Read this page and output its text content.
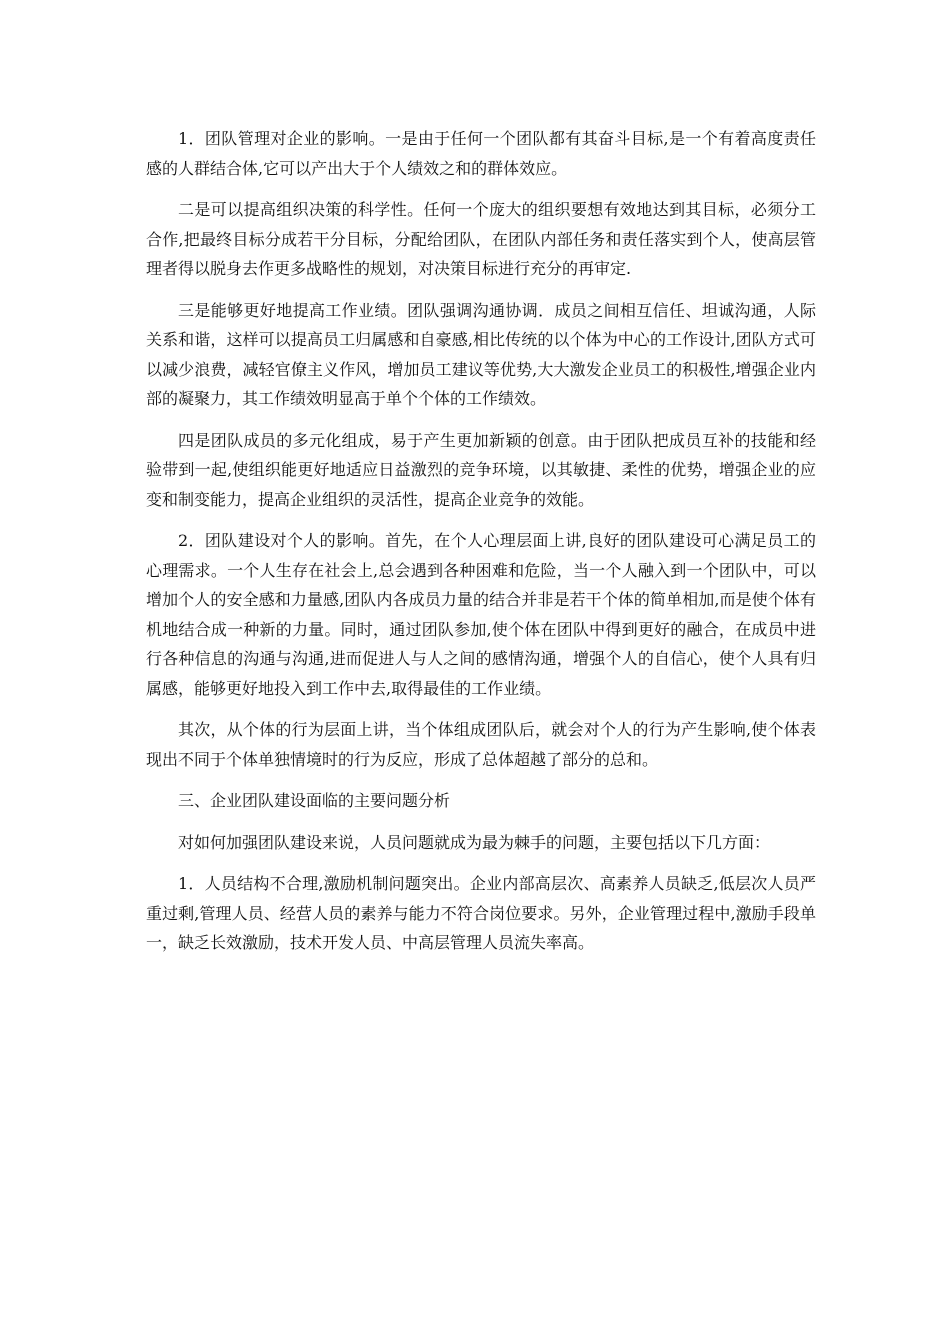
1．团队管理对企业的影响。一是由于任何一个团队都有其奋斗目标,是一个有着高度责任感的人群结合体,它可以产出大于个人绩效之和的群体效应。

二是可以提高组织决策的科学性。任何一个庞大的组织要想有效地达到其目标，必须分工合作,把最终目标分成若干分目标，分配给团队，在团队内部任务和责任落实到个人，使高层管理者得以脱身去作更多战略性的规划，对决策目标进行充分的再审定.

三是能够更好地提高工作业绩。团队强调沟通协调．成员之间相互信任、坦诚沟通，人际关系和谐，这样可以提高员工归属感和自豪感,相比传统的以个体为中心的工作设计,团队方式可以减少浪费，减轻官僚主义作风，增加员工建议等优势,大大激发企业员工的积极性,增强企业内部的凝聚力，其工作绩效明显高于单个个体的工作绩效。

四是团队成员的多元化组成，易于产生更加新颖的创意。由于团队把成员互补的技能和经验带到一起,使组织能更好地适应日益激烈的竞争环境，以其敏捷、柔性的优势，增强企业的应变和制变能力，提高企业组织的灵活性，提高企业竞争的效能。

2．团队建设对个人的影响。首先，在个人心理层面上讲,良好的团队建设可心满足员工的心理需求。一个人生存在社会上,总会遇到各种困难和危险，当一个人融入到一个团队中，可以增加个人的安全感和力量感,团队内各成员力量的结合并非是若干个体的简单相加,而是使个体有机地结合成一种新的力量。同时，通过团队参加,使个体在团队中得到更好的融合，在成员中进行各种信息的沟通与沟通,进而促进人与人之间的感情沟通，增强个人的自信心，使个人具有归属感，能够更好地投入到工作中去,取得最佳的工作业绩。

其次，从个体的行为层面上讲，当个体组成团队后，就会对个人的行为产生影响,使个体表现出不同于个体单独情境时的行为反应，形成了总体超越了部分的总和。

三、企业团队建设面临的主要问题分析

对如何加强团队建设来说，人员问题就成为最为棘手的问题，主要包括以下几方面：

1．人员结构不合理,激励机制问题突出。企业内部高层次、高素养人员缺乏,低层次人员严重过剩,管理人员、经营人员的素养与能力不符合岗位要求。另外，企业管理过程中,激励手段单一，缺乏长效激励，技术开发人员、中高层管理人员流失率高。
